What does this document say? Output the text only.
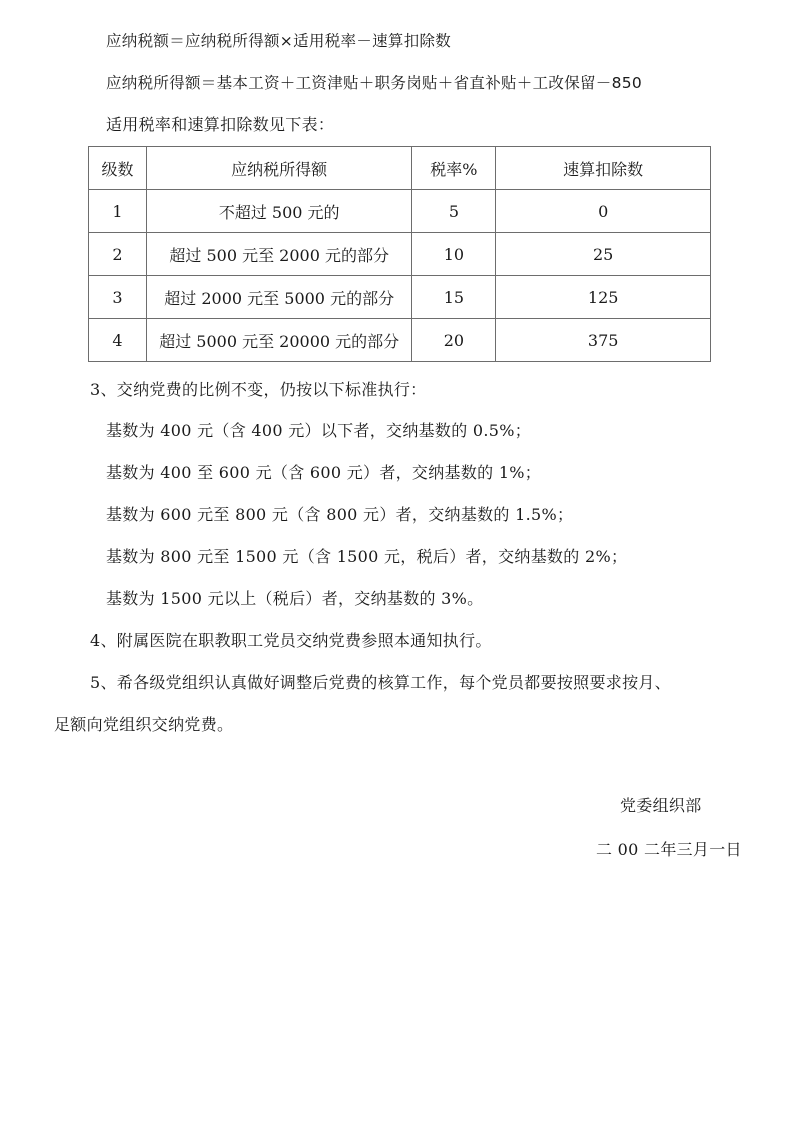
应纳税额＝应纳税所得额×适用税率－速算扣除数
应纳税所得额＝基本工资＋工资津贴＋职务岗贴＋省直补贴＋工改保留－850
适用税率和速算扣除数见下表：
级数	应纳税所得额	税率%	速算扣除数
1	不超过 500 元的	5	0
2	超过 500 元至 2000 元的部分	10	25
3	超过 2000 元至 5000 元的部分	15	125
4	超过 5000 元至 20000 元的部分	20	375
3、交纳党费的比例不变，仍按以下标准执行：
基数为 400 元（含 400 元）以下者，交纳基数的 0.5%；
基数为 400 至 600 元（含 600 元）者，交纳基数的 1%；
基数为 600 元至 800 元（含 800 元）者，交纳基数的 1.5%；
基数为 800 元至 1500 元（含 1500 元，税后）者，交纳基数的 2%；
基数为 1500 元以上（税后）者，交纳基数的 3%。
4、附属医院在职教职工党员交纳党费参照本通知执行。
5、希各级党组织认真做好调整后党费的核算工作，每个党员都要按照要求按月、
足额向党组织交纳党费。
党委组织部
二 00 二年三月一日
